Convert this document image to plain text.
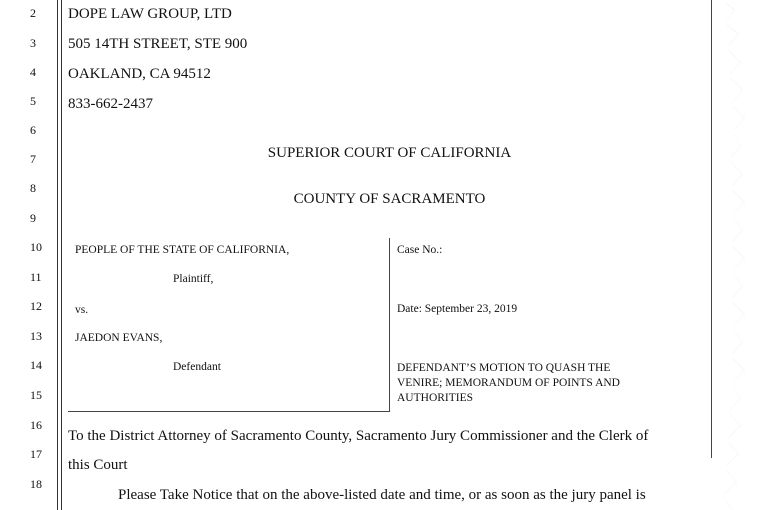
2
3
4
5
6
7
8
9
10
11
12
13
14
15
16
17
18
DOPE LAW GROUP, LTD
505 14TH STREET, STE 900
OAKLAND, CA 94512
833-662-2437
SUPERIOR COURT OF CALIFORNIA
COUNTY OF SACRAMENTO
PEOPLE OF THE STATE OF CALIFORNIA,
Plaintiff,
vs.
JAEDON EVANS,
Defendant
Case No.:
Date: September 23, 2019
DEFENDANT’S MOTION TO QUASH THE
VENIRE; MEMORANDUM OF POINTS AND
AUTHORITIES
To the District Attorney of Sacramento County, Sacramento Jury Commissioner and the Clerk of
this Court
Please Take Notice that on the above-listed date and time, or as soon as the jury panel is
